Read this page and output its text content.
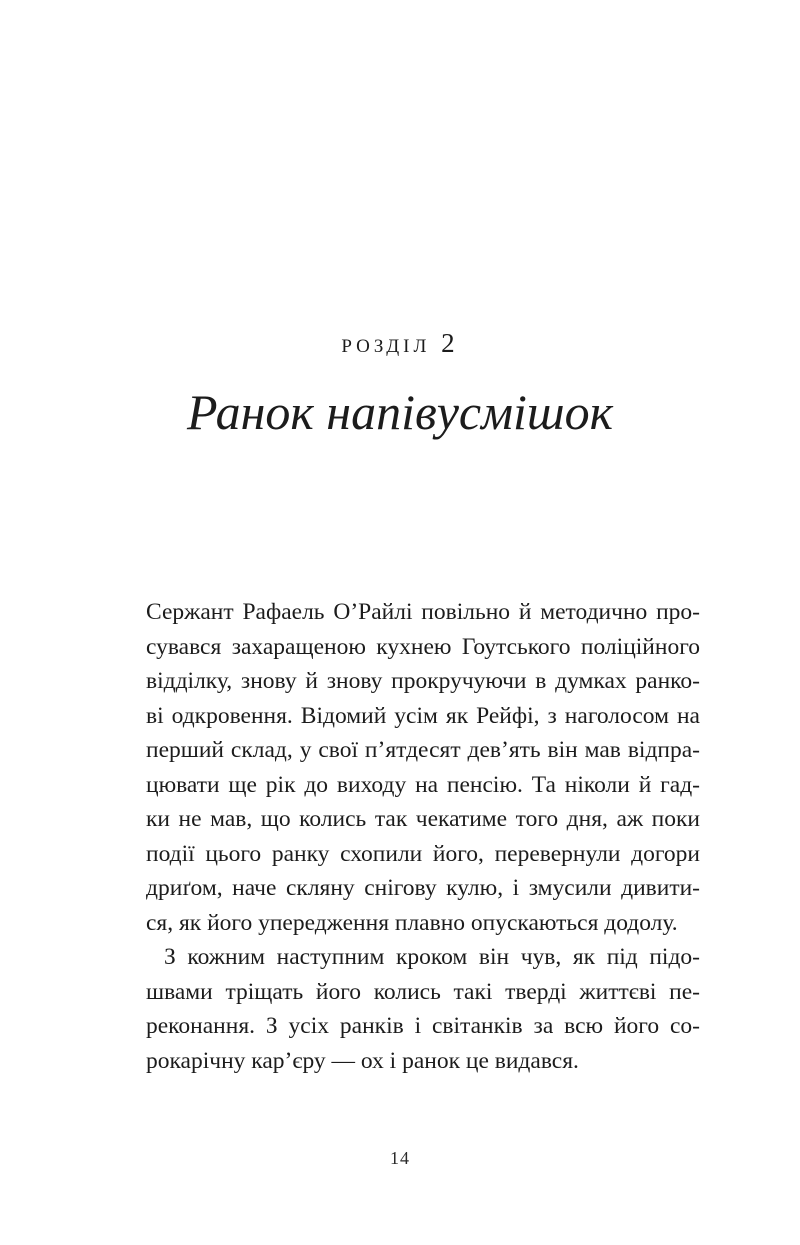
розділ 2
Ранок напівусмішок
Сержант Рафаель О’Райлі повільно й методично про-
сувався захаращеною кухнею Гоутського поліційного
відділку, знову й знову прокручуючи в думках ранко-
ві одкровення. Відомий усім як Рейфі, з наголосом на
перший склад, у свої п’ятдесят дев’ять він мав відпра-
цювати ще рік до виходу на пенсію. Та ніколи й гад-
ки не мав, що колись так чекатиме того дня, аж поки
події цього ранку схопили його, перевернули догори
дриґом, наче скляну снігову кулю, і змусили дивити-
ся, як його упередження плавно опускаються додолу.
З кожним наступним кроком він чув, як під підо-
швами тріщать його колись такі тверді життєві пе-
реконання. З усіх ранків і світанків за всю його со-
рокарічну кар’єру — ох і ранок це видався.
14
